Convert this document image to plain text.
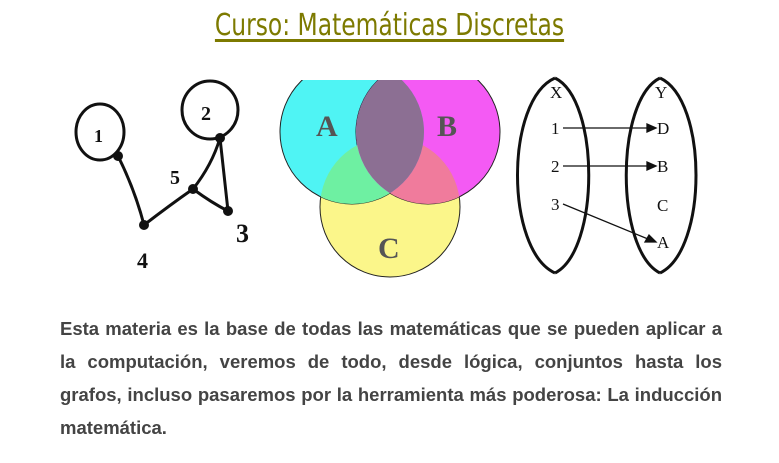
Curso: Matemáticas Discretas
1
2
5
3
4
A	B
C
X	Y
1
2
3
D
B
C
A
Esta materia es la base de todas las matemáticas que se pueden aplicar a la computación, veremos de todo, desde lógica, conjuntos hasta los grafos, incluso pasaremos por la herramienta más poderosa: La inducción matemática.
